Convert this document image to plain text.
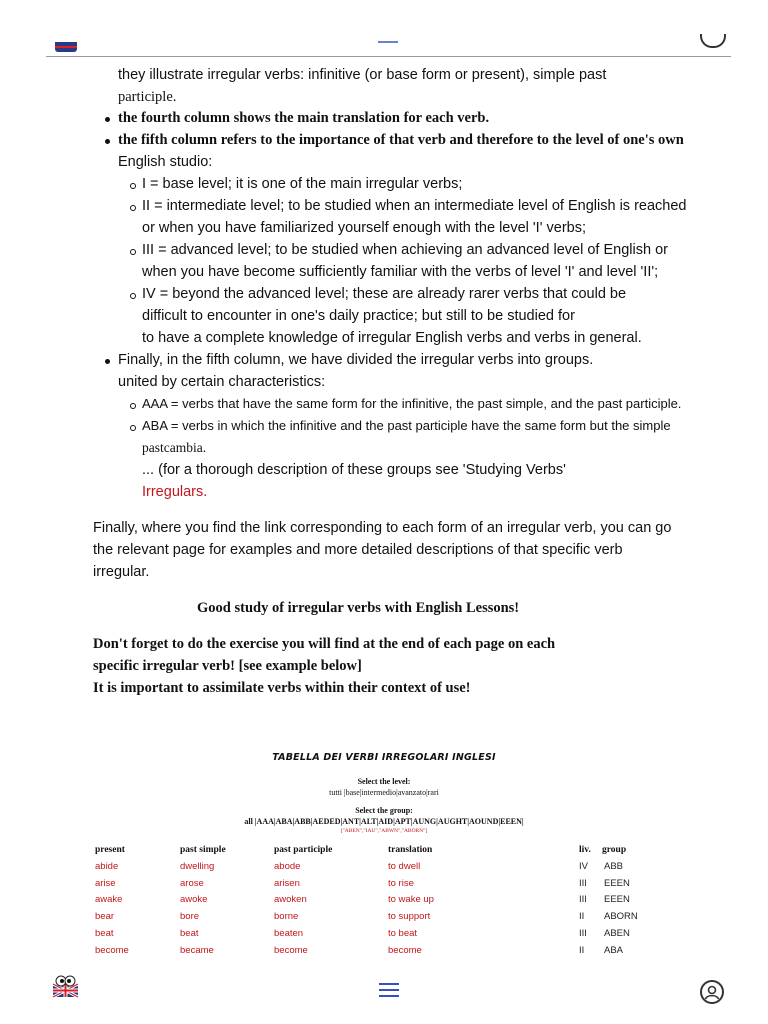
they illustrate irregular verbs: infinitive (or base form or present), simple past
participle.
the fourth column shows the main translation for each verb.
the fifth column refers to the importance of that verb and therefore to the level of one's own
English studio:
I = base level; it is one of the main irregular verbs;
II = intermediate level; to be studied when an intermediate level of English is reached
or when you have familiarized yourself enough with the level 'I' verbs;
III = advanced level; to be studied when achieving an advanced level of English or
when you have become sufficiently familiar with the verbs of level 'I' and level 'II';
IV = beyond the advanced level; these are already rarer verbs that could be
difficult to encounter in one's daily practice; but still to be studied for
to have a complete knowledge of irregular English verbs and verbs in general.
Finally, in the fifth column, we have divided the irregular verbs into groups.
united by certain characteristics:
AAA = verbs that have the same form for the infinitive, the past simple, and the past participle.
ABA = verbs in which the infinitive and the past participle have the same form but the simple
pastcambia.
... (for a thorough description of these groups see 'Studying Verbs'
Irregulars.
Finally, where you find the link corresponding to each form of an irregular verb, you can go
the relevant page for examples and more detailed descriptions of that specific verb
irregular.
Good study of irregular verbs with English Lessons!
Don't forget to do the exercise you will find at the end of each page on each
specific irregular verb! [see example below]
It is important to assimilate verbs within their context of use!
TABELLA DEI VERBI IRREGOLARI INGLESI
Select the level:
tutti |base|intermedio|avanzato|rari
Select the group:
all |AAA|ABA|ABB|AEDED|ANT|ALT|AID|APT|AUNG|AUGHT|AOUND|EEEN|
["ABEN","IAU","ABWN","ABORN"]
present	past simple	past participle	translation	liv. group
abide	dwelling	abode	to dwell	IV ABB
arise	arose	arisen	to rise	III EEEN
awake	awoke	awoken	to wake up	III EEEN
bear	bore	borne	to support	II ABORN
beat	beat	beaten	to beat	III ABEN
become	became	become	become	II ABA
